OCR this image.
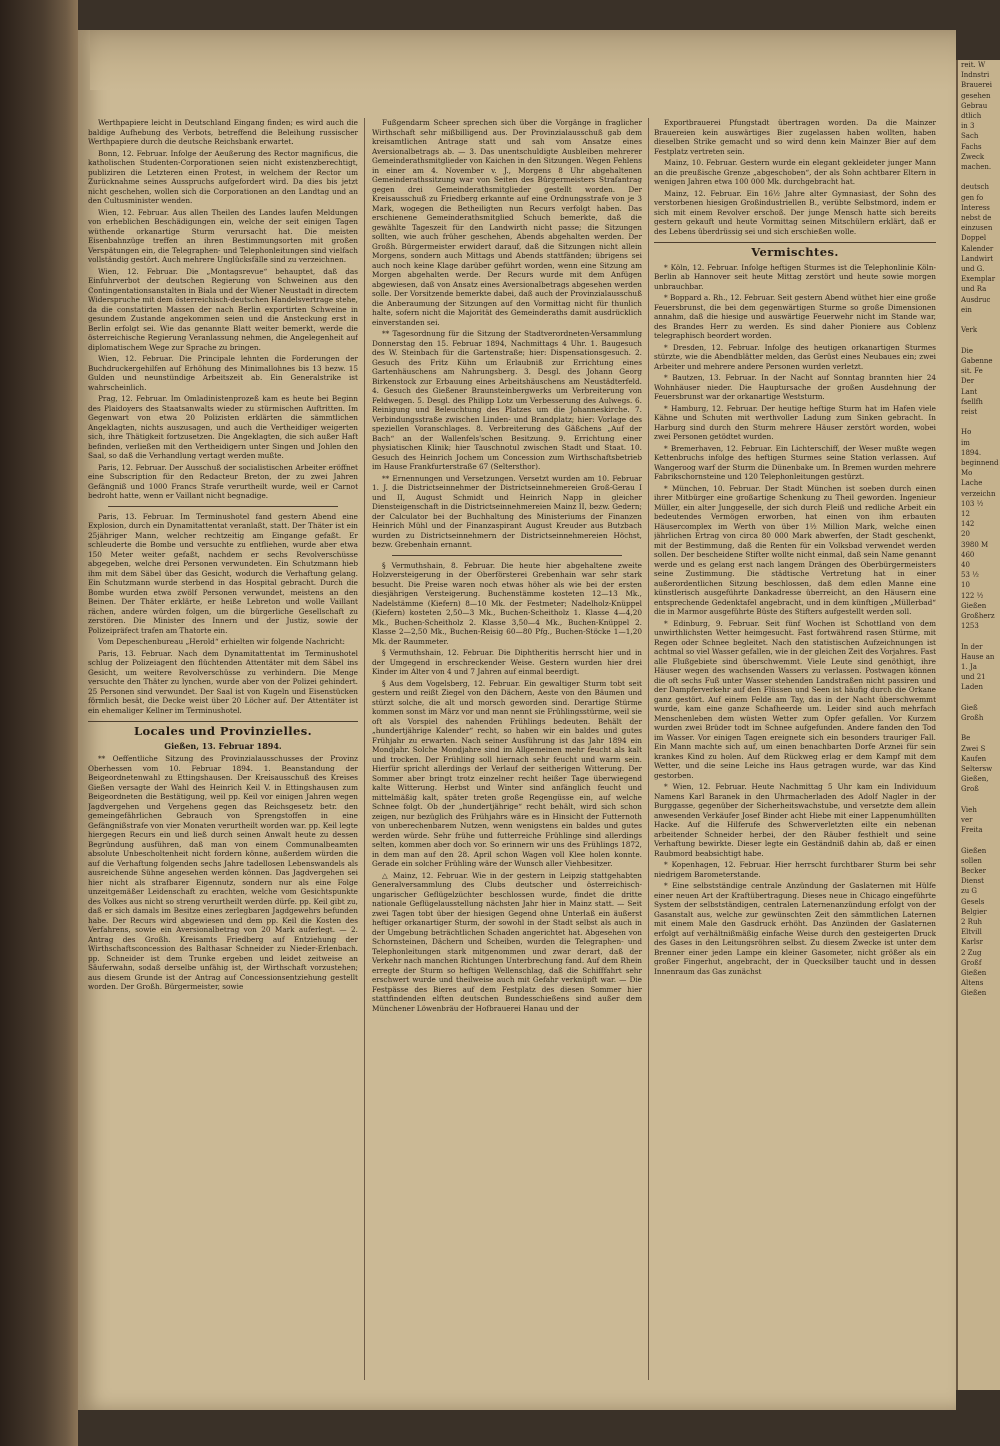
Werthpapiere leicht in Deutschland Eingang finden; es wird auch die baldige Aufhebung des Verbots, betreffend die Beleihung russischer Werthpapiere durch die deutsche Reichsbank erwartet.

Bonn, 12. Februar. Infolge der Aeußerung des Rector magnificus, die katholischen Studenten-Corporationen seien nicht existenzberechtigt, publiziren die Letzteren einen Protest, in welchem der Rector um Zurücknahme seines Ausspruchs aufgefordert wird. Da dies bis jetzt nicht geschehen, wollen sich die Corporationen an den Landtag und an den Cultusminister wenden.

Wien, 12. Februar. Aus allen Theilen des Landes laufen Meldungen von erheblichen Beschädigungen ein, welche der seit einigen Tagen wüthende orkanartige Sturm verursacht hat. Die meisten Eisenbahnzüge treffen an ihren Bestimmungsorten mit großen Verspätungen ein, die Telegraphen- und Telephonleitungen sind vielfach vollständig gestört. Auch mehrere Unglücksfälle sind zu verzeichnen.

Wien, 12. Februar. Die „Montagsrevue“ behauptet, daß das Einfuhrverbot der deutschen Regierung von Schweinen aus den Contingentationsanstalten in Biala und der Wiener Neustadt in directem Widerspruche mit dem österreichisch-deutschen Handelsvertrage stehe, da die constatirten Massen der nach Berlin exportirten Schweine in gesundem Zustande angekommen seien und die Ansteckung erst in Berlin erfolgt sei. Wie das genannte Blatt weiter bemerkt, werde die österreichische Regierung Veranlassung nehmen, die Angelegenheit auf diplomatischem Wege zur Sprache zu bringen.

Wien, 12. Februar. Die Principale lehnten die Forderungen der Buchdruckergehilfen auf Erhöhung des Minimallohnes bis 13 bezw. 15 Gulden und neunstündige Arbeitszeit ab. Ein Generalstrike ist wahrscheinlich.

Prag, 12. Februar. Im Omladinistenprozeß kam es heute bei Beginn des Plaidoyers des Staatsanwalts wieder zu stürmischen Auftritten. Im Gegenwart von etwa 20 Polizisten erklärten die sämmtlichen Angeklagten, nichts auszusagen, und auch die Vertheidiger weigerten sich, ihre Thätigkeit fortzusetzen. Die Angeklagten, die sich außer Haft befinden, verließen mit den Vertheidigern unter Singen und Johlen den Saal, so daß die Verhandlung vertagt werden mußte.

Paris, 12. Februar. Der Ausschuß der socialistischen Arbeiter eröffnet eine Subscription für den Redacteur Breton, der zu zwei Jahren Gefängniß und 1000 Francs Strafe verurtheilt wurde, weil er Carnot bedroht hatte, wenn er Vaillant nicht begnadige.

Paris, 13. Februar. Im Terminushotel fand gestern Abend eine Explosion, durch ein Dynamitattentat veranlaßt, statt. Der Thäter ist ein 25jähriger Mann, welcher rechtzeitig am Eingange gefaßt. Er schleuderte die Bombe und versuchte zu entfliehen, wurde aber etwa 150 Meter weiter gefaßt, nachdem er sechs Revolverschüsse abgegeben, welche drei Personen verwundeten. Ein Schutzmann hieb ihm mit dem Säbel über das Gesicht, wodurch die Verhaftung gelang. Ein Schutzmann wurde sterbend in das Hospital gebracht. Durch die Bombe wurden etwa zwölf Personen verwundet, meistens an den Beinen. Der Thäter erklärte, er heiße Lebreton und wolle Vaillant rächen, andere würden folgen, um die bürgerliche Gesellschaft zu zerstören. Die Minister des Innern und der Justiz, sowie der Polizeipräfect trafen am Thatorte ein.

Vom Depeschenbureau „Herold“ erhielten wir folgende Nachricht:

Paris, 13. Februar. Nach dem Dynamitattentat im Terminushotel schlug der Polizeiagent den flüchtenden Attentäter mit dem Säbel ins Gesicht, um weitere Revolverschüsse zu verhindern. Die Menge versuchte den Thäter zu lynchen, wurde aber von der Polizei gehindert. 25 Personen sind verwundet. Der Saal ist von Kugeln und Eisenstücken förmlich besät, die Decke weist über 20 Löcher auf. Der Attentäter ist ein ehemaliger Kellner im Terminushotel.

Locales und Provinzielles.

Gießen, 13. Februar 1894.

** Oeffentliche Sitzung des Provinzialausschusses der Provinz Oberhessen vom 10. Februar 1894. 1. Beanstandung der Beigeordnetenwahl zu Ettingshausen. Der Kreisausschuß des Kreises Gießen versagte der Wahl des Heinrich Keil V. in Ettingshausen zum Beigeordneten die Bestätigung, weil pp. Keil vor einigen Jahren wegen Jagdvergehen und Vergehens gegen das Reichsgesetz betr. den gemeingefährlichen Gebrauch von Sprengstoffen in eine Gefängnißstrafe von vier Monaten verurtheilt worden war. pp. Keil legte hiergegen Recurs ein und ließ durch seinen Anwalt heute zu dessen Begründung ausführen, daß man von einem Communalbeamten absolute Unbescholtenheit nicht fordern könne, außerdem würden die auf die Verhaftung folgenden sechs Jahre tadellosen Lebenswandels als ausreichende Sühne angesehen werden können. Das Jagdvergehen sei hier nicht als strafbarer Eigennutz, sondern nur als eine Folge unzeitgemäßer Leidenschaft zu erachten, welche vom Gesichtspunkte des Volkes aus nicht so streng verurtheilt werden dürfe. pp. Keil gibt zu, daß er sich damals im Besitze eines zerlegbaren Jagdgewehrs befunden habe. Der Recurs wird abgewiesen und dem pp. Keil die Kosten des Verfahrens, sowie ein Aversionalbetrag von 20 Mark auferlegt. — 2. Antrag des Großh. Kreisamts Friedberg auf Entziehung der Wirthschaftsconcession des Balthasar Schneider zu Nieder-Erlenbach. pp. Schneider ist dem Trunke ergeben und leidet zeitweise an Säuferwahn, sodaß derselbe unfähig ist, der Wirthschaft vorzustehen; aus diesem Grunde ist der Antrag auf Concessionsentziehung gestellt worden. Der Großh. Bürgermeister, sowie

Fußgendarm Scheer sprechen sich über die Vorgänge in fraglicher Wirthschaft sehr mißbilligend aus. Der Provinzialausschuß gab dem kreisamtlichen Antrage statt und sah vom Ansatze eines Aversionalbetrags ab. — 3. Das unentschuldigte Ausbleiben mehrerer Gemeinderathsmitglieder von Kaichen in den Sitzungen. Wegen Fehlens in einer am 4. November v. J., Morgens 8 Uhr abgehaltenen Gemeinderathssitzung war von Seiten des Bürgermeisters Strafantrag gegen drei Gemeinderathsmitglieder gestellt worden. Der Kreisausschuß zu Friedberg erkannte auf eine Ordnungsstrafe von je 3 Mark, wogegen die Betheiligten nun Recurs verfolgt haben. Das erschienene Gemeinderathsmitglied Schuch bemerkte, daß die gewählte Tageszeit für den Landwirth nicht passe; die Sitzungen sollten, wie auch früher geschehen, Abends abgehalten werden. Der Großh. Bürgermeister erwidert darauf, daß die Sitzungen nicht allein Morgens, sondern auch Mittags und Abends stattfänden; übrigens sei auch noch keine Klage darüber geführt worden, wenn eine Sitzung am Morgen abgehalten werde. Der Recurs wurde mit dem Anfügen abgewiesen, daß von Ansatz eines Aversionalbetrags abgesehen werden solle. Der Vorsitzende bemerkte dabei, daß auch der Provinzialausschuß die Anberaumung der Sitzungen auf den Vormittag nicht für thunlich halte, sofern nicht die Majorität des Gemeinderaths damit ausdrücklich einverstanden sei.

** Tagesordnung für die Sitzung der Stadtverordneten-Versammlung Donnerstag den 15. Februar 1894, Nachmittags 4 Uhr. 1. Baugesuch des W. Steinbach für die Gartenstraße; hier: Dispensationsgesuch. 2. Gesuch des Fritz Kühn um Erlaubniß zur Errichtung eines Gartenhäuschens am Nahrungsberg. 3. Desgl. des Johann Georg Birkenstock zur Erbauung eines Arbeitshäuschens am Neustädterfeld. 4. Gesuch des Gießener Braunsteinbergwerks um Verbreiterung von Feldwegen. 5. Desgl. des Philipp Lotz um Verbesserung des Aulwegs. 6. Reinigung und Beleuchtung des Platzes um die Johanneskirche. 7. Verbindungsstraße zwischen Linden- und Brandplatz; hier: Vorlage des speziellen Voranschlages. 8. Verbreiterung des Gäßchens „Auf der Bach“ an der Wallenfels'schen Besitzung. 9. Errichtung einer physiatischen Klinik; hier Tauschnotul zwischen Stadt und Staat. 10. Gesuch des Heinrich Jochem um Concession zum Wirthschaftsbetrieb im Hause Frankfurterstraße 67 (Seltersthor).

** Ernennungen und Versetzungen. Versetzt wurden am 10. Februar 1. J. die Districtseinnehmer der Districtseinnehmereien Groß-Gerau I und II, August Schmidt und Heinrich Napp in gleicher Diensteigenschaft in die Districtseinnehmereien Mainz II, bezw. Gedern; der Calculator bei der Buchhaltung des Ministeriums der Finanzen Heinrich Mühl und der Finanzaspirant August Kreuder aus Butzbach wurden zu Districtseinnehmern der Districtseinnehmereien Höchst, bezw. Grebenhain ernannt.

§ Vermuthshain, 8. Februar. Die heute hier abgehaltene zweite Holzversteigerung in der Oberförsterei Grebenhain war sehr stark besucht. Die Preise waren noch etwas höher als wie bei der ersten diesjährigen Versteigerung. Buchenstämme kosteten 12—13 Mk., Nadelstämme (Kiefern) 8—10 Mk. der Festmeter; Nadelholz-Knüppel (Kiefern) kosteten 2,50—3 Mk., Buchen-Scheitholz 1. Klasse 4—4,20 Mk., Buchen-Scheitholz 2. Klasse 3,50—4 Mk., Buchen-Knüppel 2. Klasse 2—2,50 Mk., Buchen-Reisig 60—80 Pfg., Buchen-Stöcke 1—1,20 Mk. der Raummeter.

§ Vermuthshain, 12. Februar. Die Diphtheritis herrscht hier und in der Umgegend in erschreckender Weise. Gestern wurden hier drei Kinder im Alter von 4 und 7 Jahren auf einmal beerdigt.

§ Aus dem Vogelsberg, 12. Februar. Ein gewaltiger Sturm tobt seit gestern und reißt Ziegel von den Dächern, Aeste von den Bäumen und stürzt solche, die alt und morsch geworden sind. Derartige Stürme kommen sonst im März vor und man nennt sie Frühlingsstürme, weil sie oft als Vorspiel des nahenden Frühlings bedeuten. Behält der „hundertjährige Kalender“ recht, so haben wir ein baldes und gutes Frühjahr zu erwarten. Nach seiner Ausführung ist das Jahr 1894 ein Mondjahr. Solche Mondjahre sind im Allgemeinen mehr feucht als kalt und trocken. Der Frühling soll hiernach sehr feucht und warm sein. Hierfür spricht allerdings der Verlauf der seitherigen Witterung. Der Sommer aber bringt trotz einzelner recht heißer Tage überwiegend kalte Witterung. Herbst und Winter sind anfänglich feucht und mittelmäßig kalt, später treten große Regengüsse ein, auf welche Schnee folgt. Ob der „hundertjährige“ recht behält, wird sich schon zeigen, nur bezüglich des Frühjahrs wäre es in Hinsicht der Futternoth von unberechenbarem Nutzen, wenn wenigstens ein baldes und gutes werden würde. Sehr frühe und futterreiche Frühlinge sind allerdings selten, kommen aber doch vor. So erinnern wir uns des Frühlings 1872, in dem man auf den 28. April schon Wagen voll Klee holen konnte. Gerade ein solcher Frühling wäre der Wunsch aller Viehbesitzer.

△ Mainz, 12. Februar. Wie in der gestern in Leipzig stattgehabten Generalversammlung des Clubs deutscher und österreichisch-ungarischer Geflügelzüchter beschlossen wurde, findet die dritte nationale Geflügelausstellung nächsten Jahr hier in Mainz statt. — Seit zwei Tagen tobt über der hiesigen Gegend ohne Unterlaß ein äußerst heftiger orkanartiger Sturm, der sowohl in der Stadt selbst als auch in der Umgebung beträchtlichen Schaden angerichtet hat. Abgesehen von Schornsteinen, Dächern und Scheiben, wurden die Telegraphen- und Telephonleitungen stark mitgenommen und zwar derart, daß der Verkehr nach manchen Richtungen Unterbrechung fand. Auf dem Rhein erregte der Sturm so heftigen Wellenschlag, daß die Schifffahrt sehr erschwert wurde und theilweise auch mit Gefahr verknüpft war. — Die Festpässe des Bieres auf dem Festplatz des diesen Sommer hier stattfindenden elften deutschen Bundesschießens sind außer dem Münchener Löwenbräu der Hofbrauerei Hanau und der

Exportbrauerei Pfungstadt übertragen worden. Da die Mainzer Brauereien kein auswärtiges Bier zugelassen haben wollten, haben dieselben Strike gemacht und so wird denn kein Mainzer Bier auf dem Festplatz vertreten sein.

Mainz, 10. Februar. Gestern wurde ein elegant gekleideter junger Mann an die preußische Grenze „abgeschoben“, der als Sohn achtbarer Eltern in wenigen Jahren etwa 100 000 Mk. durchgebracht hat.

Mainz, 12. Februar. Ein 16½ Jahre alter Gymnasiast, der Sohn des verstorbenen hiesigen Großindustriellen B., verübte Selbstmord, indem er sich mit einem Revolver erschoß. Der junge Mensch hatte sich bereits gestern gekauft und heute Vormittag seinen Mitschülern erklärt, daß er des Lebens überdrüssig sei und sich erschießen wolle.

Vermischtes.

* Köln, 12. Februar. Infolge heftigen Sturmes ist die Telephonlinie Köln-Berlin ab Hannover seit heute Mittag zerstört und heute sowie morgen unbrauchbar.

* Boppard a. Rh., 12. Februar. Seit gestern Abend wüthet hier eine große Feuersbrunst, die bei dem gegenwärtigen Sturme so große Dimensionen annahm, daß die hiesige und auswärtige Feuerwehr nicht im Stande war, des Brandes Herr zu werden. Es sind daher Pioniere aus Coblenz telegraphisch beordert worden.

* Dresden, 12. Februar. Infolge des heutigen orkanartigen Sturmes stürzte, wie die Abendblätter melden, das Gerüst eines Neubaues ein; zwei Arbeiter und mehrere andere Personen wurden verletzt.

* Bautzen, 13. Februar. In der Nacht auf Sonntag brannten hier 24 Wohnhäuser nieder. Die Hauptursache der großen Ausdehnung der Feuersbrunst war der orkanartige Weststurm.

* Hamburg, 12. Februar. Der heutige heftige Sturm hat im Hafen viele Kähne und Schuten mit werthvoller Ladung zum Sinken gebracht. In Harburg sind durch den Sturm mehrere Häuser zerstört worden, wobei zwei Personen getödtet wurden.

* Bremerhaven, 12. Februar. Ein Lichterschiff, der Weser mußte wegen Kettenbruchs infolge des heftigen Sturmes seine Station verlassen. Auf Wangeroog warf der Sturm die Dünenbake um. In Bremen wurden mehrere Fabrikschornsteine und 120 Telephonleitungen gestürzt.

* München, 10. Februar. Der Stadt München ist soeben durch einen ihrer Mitbürger eine großartige Schenkung zu Theil geworden. Ingenieur Müller, ein alter Junggeselle, der sich durch Fleiß und redliche Arbeit ein bedeutendes Vermögen erworben, hat einen von ihm erbauten Häusercomplex im Werth von über 1½ Million Mark, welche einen jährlichen Ertrag von circa 80 000 Mark abwerfen, der Stadt geschenkt, mit der Bestimmung, daß die Renten für ein Volksbad verwendet werden sollen. Der bescheidene Stifter wollte nicht einmal, daß sein Name genannt werde und es gelang erst nach langem Drängen des Oberbürgermeisters seine Zustimmung. Die städtische Vertretung hat in einer außerordentlichen Sitzung beschlossen, daß dem edlen Manne eine künstlerisch ausgeführte Dankadresse überreicht, an den Häusern eine entsprechende Gedenktafel angebracht, und in dem künftigen „Müllerbad“ die in Marmor ausgeführte Büste des Stifters aufgestellt werden soll.

* Edinburg, 9. Februar. Seit fünf Wochen ist Schottland von dem unwirthlichsten Wetter heimgesucht. Fast fortwährend rasen Stürme, mit Regen oder Schnee begleitet. Nach den statistischen Aufzeichnungen ist achtmal so viel Wasser gefallen, wie in der gleichen Zeit des Vorjahres. Fast alle Flußgebiete sind überschwemmt. Viele Leute sind genöthigt, ihre Häuser wegen des wachsenden Wassers zu verlassen. Postwagen können die oft sechs Fuß unter Wasser stehenden Landstraßen nicht passiren und der Dampferverkehr auf den Flüssen und Seen ist häufig durch die Orkane ganz gestört. Auf einem Felde am Tay, das in der Nacht überschwemmt wurde, kam eine ganze Schafheerde um. Leider sind auch mehrfach Menschenleben dem wüsten Wetter zum Opfer gefallen. Vor Kurzem wurden zwei Brüder todt im Schnee aufgefunden. Andere fanden den Tod im Wasser. Vor einigen Tagen ereignete sich ein besonders trauriger Fall. Ein Mann machte sich auf, um einen benachbarten Dorfe Arznei für sein krankes Kind zu holen. Auf dem Rückweg erlag er dem Kampf mit dem Wetter, und die seine Leiche ins Haus getragen wurde, war das Kind gestorben.

* Wien, 12. Februar. Heute Nachmittag 5 Uhr kam ein Individuum Namens Karl Baranek in den Uhrmacherladen des Adolf Nagler in der Burggasse, gegenüber der Sicherheitswachstube, und versetzte dem allein anwesenden Verkäufer Josef Binder acht Hiebe mit einer Lappenumhüllten Hacke. Auf die Hilferufe des Schwerverletzten eilte ein nebenan arbeitender Schneider herbei, der den Räuber festhielt und seine Verhaftung bewirkte. Dieser legte ein Geständniß dahin ab, daß er einen Raubmord beabsichtigt habe.

* Kopenhagen, 12. Februar. Hier herrscht furchtbarer Sturm bei sehr niedrigem Barometerstande.

* Eine selbstständige centrale Anzündung der Gaslaternen mit Hülfe einer neuen Art der Kraftübertragung. Dieses neue in Chicago eingeführte System der selbstständigen, centralen Laternenanzündung erfolgt von der Gasanstalt aus, welche zur gewünschten Zeit den sämmtlichen Laternen mit einem Male den Gasdruck erhöht. Das Anzünden der Gaslaternen erfolgt auf verhältnißmäßig einfache Weise durch den gesteigerten Druck des Gases in den Leitungsröhren selbst. Zu diesem Zwecke ist unter dem Brenner einer jeden Lampe ein kleiner Gasometer, nicht größer als ein großer Fingerhut, angebracht, der in Quecksilber taucht und in dessen Innenraum das Gas zunächst

reit. W
Indnstri
Brauerei
gesehen
Gebrau
dtlich
in 3
Sach
Fachs
Zweck
machen.

deutsch
gen fo
Interess
nebst de
einzusen
Doppel
Kalender
Landwirt
und G.
Exemplar
und Ra
Ausdruc
ein

Verk

Die
Gabenne
sit. Fe
Der
Lant
fsellfh
reist

Ho
im
1894.
beginnend
Mo
Lache
verzeichn
103 ½
12
142
20
3980 M
460
40
53 ½
10
122 ½
Gießen
Großherz
1253

In der
Hause an
1. Ja
und 21
Laden

Gieß
Großh

Be
Zwei S
Kaufen
Seltersw
Gießen,
Groß

Vieh
ver
Freita

Gießen
sollen
Becker
Dienst
zu G
Gesels
Belgier
2 Ruh
Eltvill
Karlsr
2 Zug
Großf
Gießen
Altens
Gießen
